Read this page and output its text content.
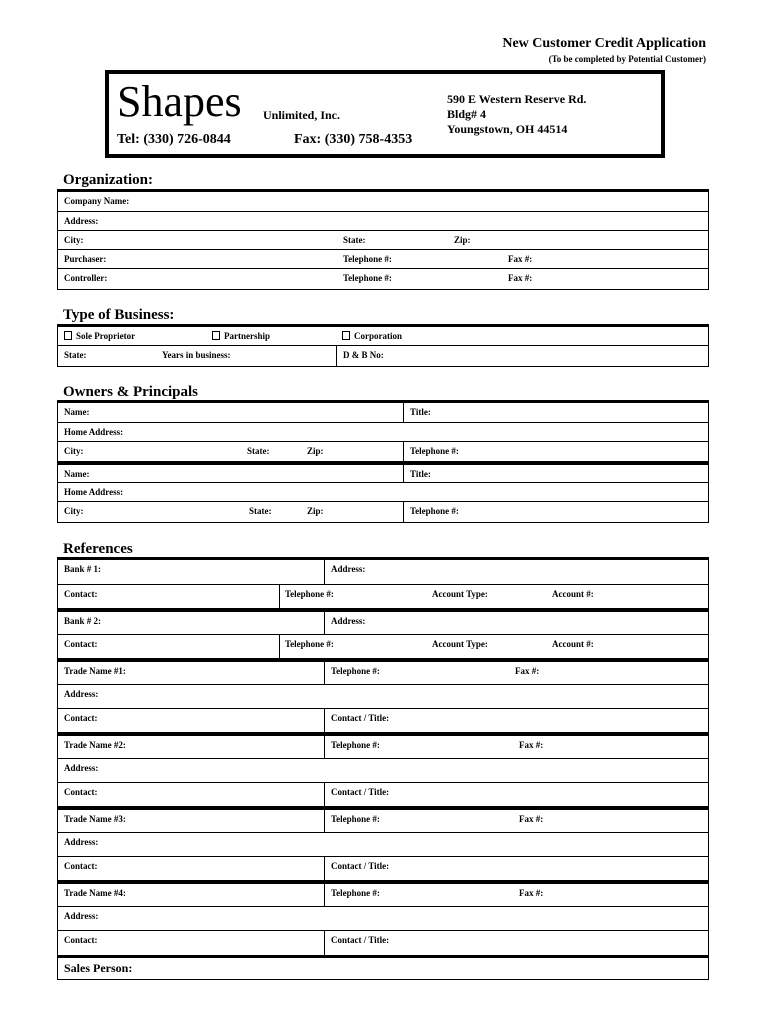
New Customer Credit Application
(To be completed by Potential Customer)
Shapes Unlimited, Inc.
Tel: (330) 726-0844	Fax: (330) 758-4353
590 E Western Reserve Rd.
Bldg# 4
Youngstown, OH 44514
Organization:
Company Name:
Address:
City:	State:	Zip:
Purchaser:	Telephone #:	Fax #:
Controller:	Telephone #:	Fax #:
Type of Business:
Sole Proprietor	Partnership	Corporation
State:	Years in business:	D & B No:
Owners & Principals
Name:	Title:
Home Address:
City:	State:	Zip:	Telephone #:
Name:	Title:
Home Address:
City:	State:	Zip:	Telephone #:
References
Bank # 1:	Address:
Contact:	Telephone #:	Account Type:	Account #:
Bank # 2:	Address:
Contact:	Telephone #:	Account Type:	Account #:
Trade Name #1:	Telephone #:	Fax #:
Address:
Contact:	Contact / Title:
Trade Name #2:	Telephone #:	Fax #:
Address:
Contact:	Contact / Title:
Trade Name #3:	Telephone #:	Fax #:
Address:
Contact:	Contact / Title:
Trade Name #4:	Telephone #:	Fax #:
Address:
Contact:	Contact / Title:
Sales Person:
